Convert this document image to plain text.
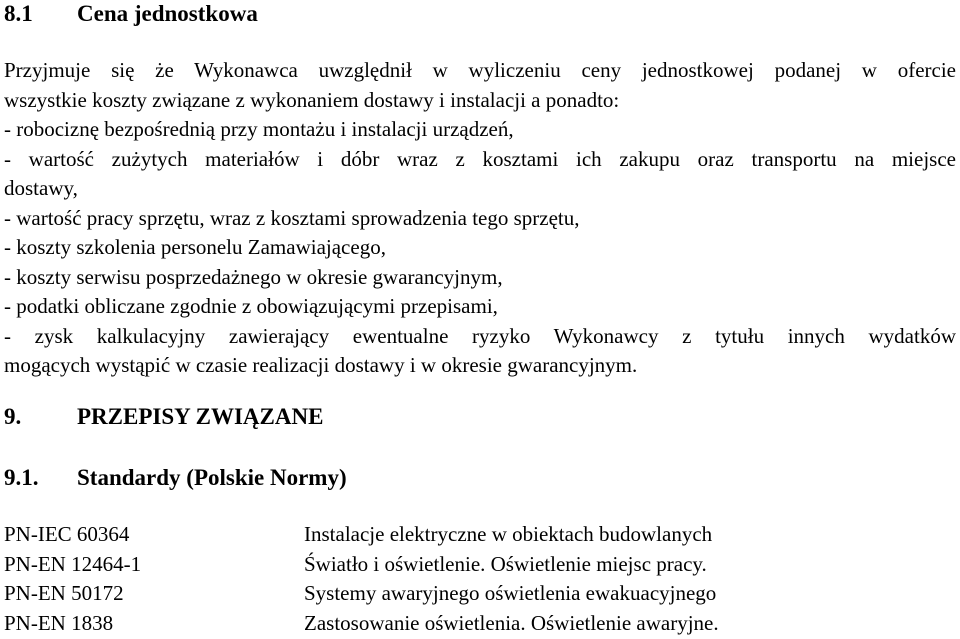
8.1 Cena jednostkowa
Przyjmuje się że Wykonawca uwzględnił w wyliczeniu ceny jednostkowej podanej w ofercie
wszystkie koszty związane z wykonaniem dostawy i instalacji a ponadto:
- robociznę bezpośrednią przy montażu i instalacji urządzeń,
- wartość zużytych materiałów i dóbr wraz z kosztami ich zakupu oraz transportu na miejsce
dostawy,
- wartość pracy sprzętu, wraz z kosztami sprowadzenia tego sprzętu,
- koszty szkolenia personelu Zamawiającego,
- koszty serwisu posprzedażnego w okresie gwarancyjnym,
- podatki obliczane zgodnie z obowiązującymi przepisami,
- zysk kalkulacyjny zawierający ewentualne ryzyko Wykonawcy z tytułu innych wydatków
mogących wystąpić w czasie realizacji dostawy i w okresie gwarancyjnym.
9. PRZEPISY ZWIĄZANE
9.1. Standardy (Polskie Normy)
PN-IEC 60364	Instalacje elektryczne w obiektach budowlanych
PN-EN 12464-1	Światło i oświetlenie. Oświetlenie miejsc pracy.
PN-EN 50172	Systemy awaryjnego oświetlenia ewakuacyjnego
PN-EN 1838	Zastosowanie oświetlenia. Oświetlenie awaryjne.
